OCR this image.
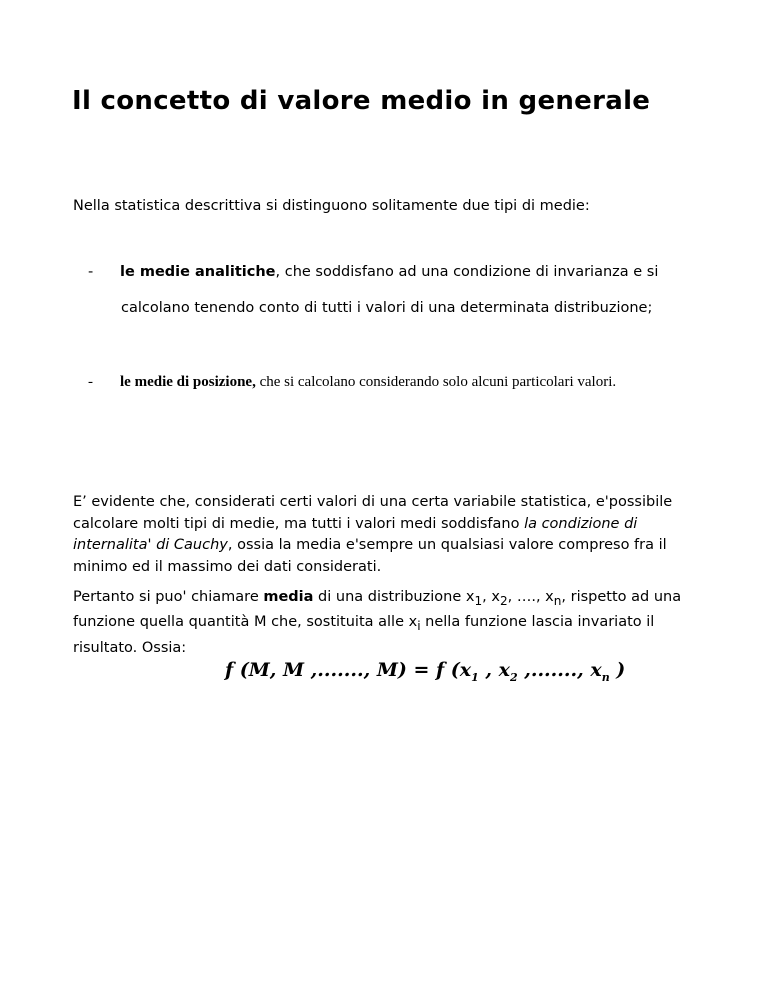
Il concetto di valore medio in generale

Nella statistica descrittiva si distinguono solitamente due tipi di medie:

- le medie analitiche, che soddisfano ad una condizione di invarianza e si

calcolano tenendo conto di tutti i valori di una determinata distribuzione;

- le medie di posizione, che si calcolano considerando solo alcuni particolari valori.

E’ evidente che, considerati certi valori di una certa variabile statistica, e'possibile
calcolare molti tipi di medie, ma tutti i valori medi soddisfano la condizione di
internalita' di Cauchy, ossia la media e'sempre un qualsiasi valore compreso fra il
minimo ed il massimo dei dati considerati.

Pertanto si puo' chiamare media di una distribuzione $x_1$, $x_2$, …., $x_n$, rispetto ad una
funzione quella quantità M che, sostituita alle $x_i$ nella funzione lascia invariato il
risultato. Ossia:

f (M, M ,......., M) = f ($x_1$ , $x_2$ ,......., $x_n$ )
